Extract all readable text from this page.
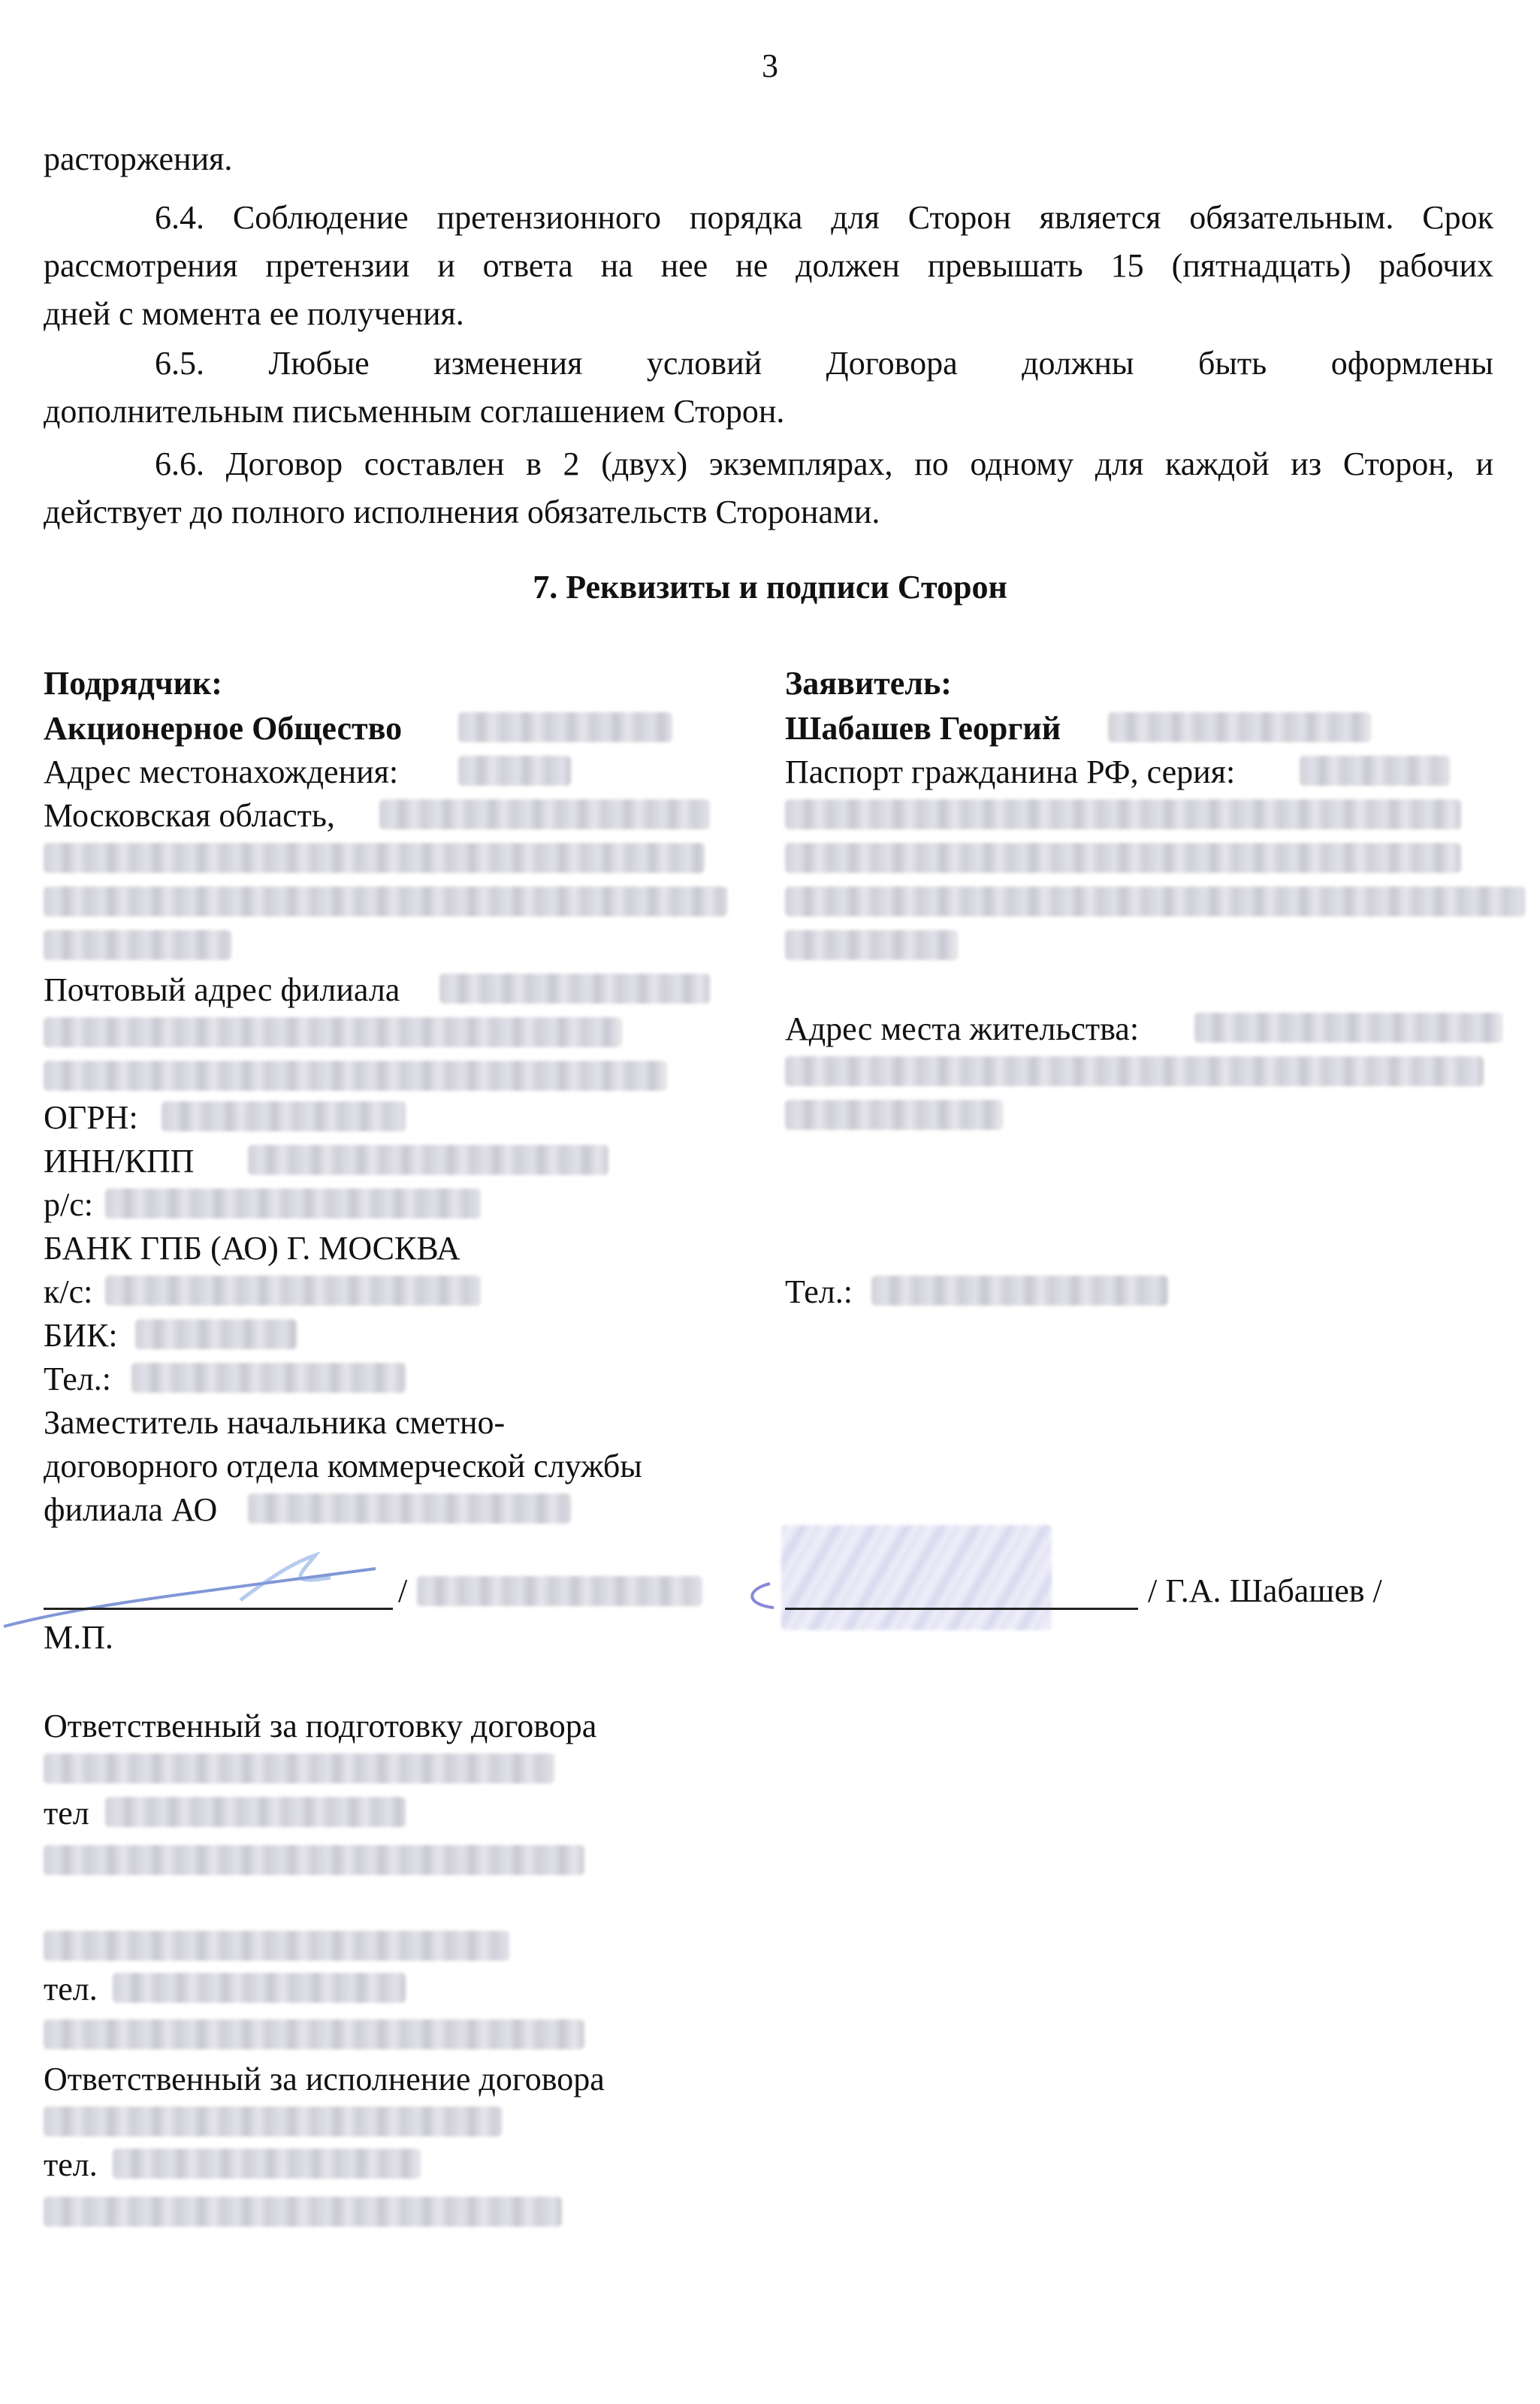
3
расторжения.
6.4. Соблюдение претензионного порядка для Сторон является обязательным. Срок
рассмотрения претензии и ответа на нее не должен превышать 15 (пятнадцать) рабочих
дней с момента ее получения.
6.5. Любые изменения условий Договора должны быть оформлены
дополнительным письменным соглашением Сторон.
6.6. Договор составлен в 2 (двух) экземплярах, по одному для каждой из Сторон, и
действует до полного исполнения обязательств Сторонами.
7. Реквизиты и подписи Сторон
Подрядчик:
Акционерное Общество
Адрес местонахождения:
Московская область,
Почтовый адрес филиала
ОГРН:
ИНН/КПП
р/с:
БАНК ГПБ (АО) Г. МОСКВА
к/с:
БИК:
Тел.:
Заместитель начальника сметно-
договорного отдела коммерческой службы
филиала АО
/
М.П.
Заявитель:
Шабашев Георгий
Паспорт гражданина РФ, серия:
Адрес места жительства:
Тел.:
/ Г.А. Шабашев /
Ответственный за подготовку договора
тел
тел.
Ответственный за исполнение договора
тел.
